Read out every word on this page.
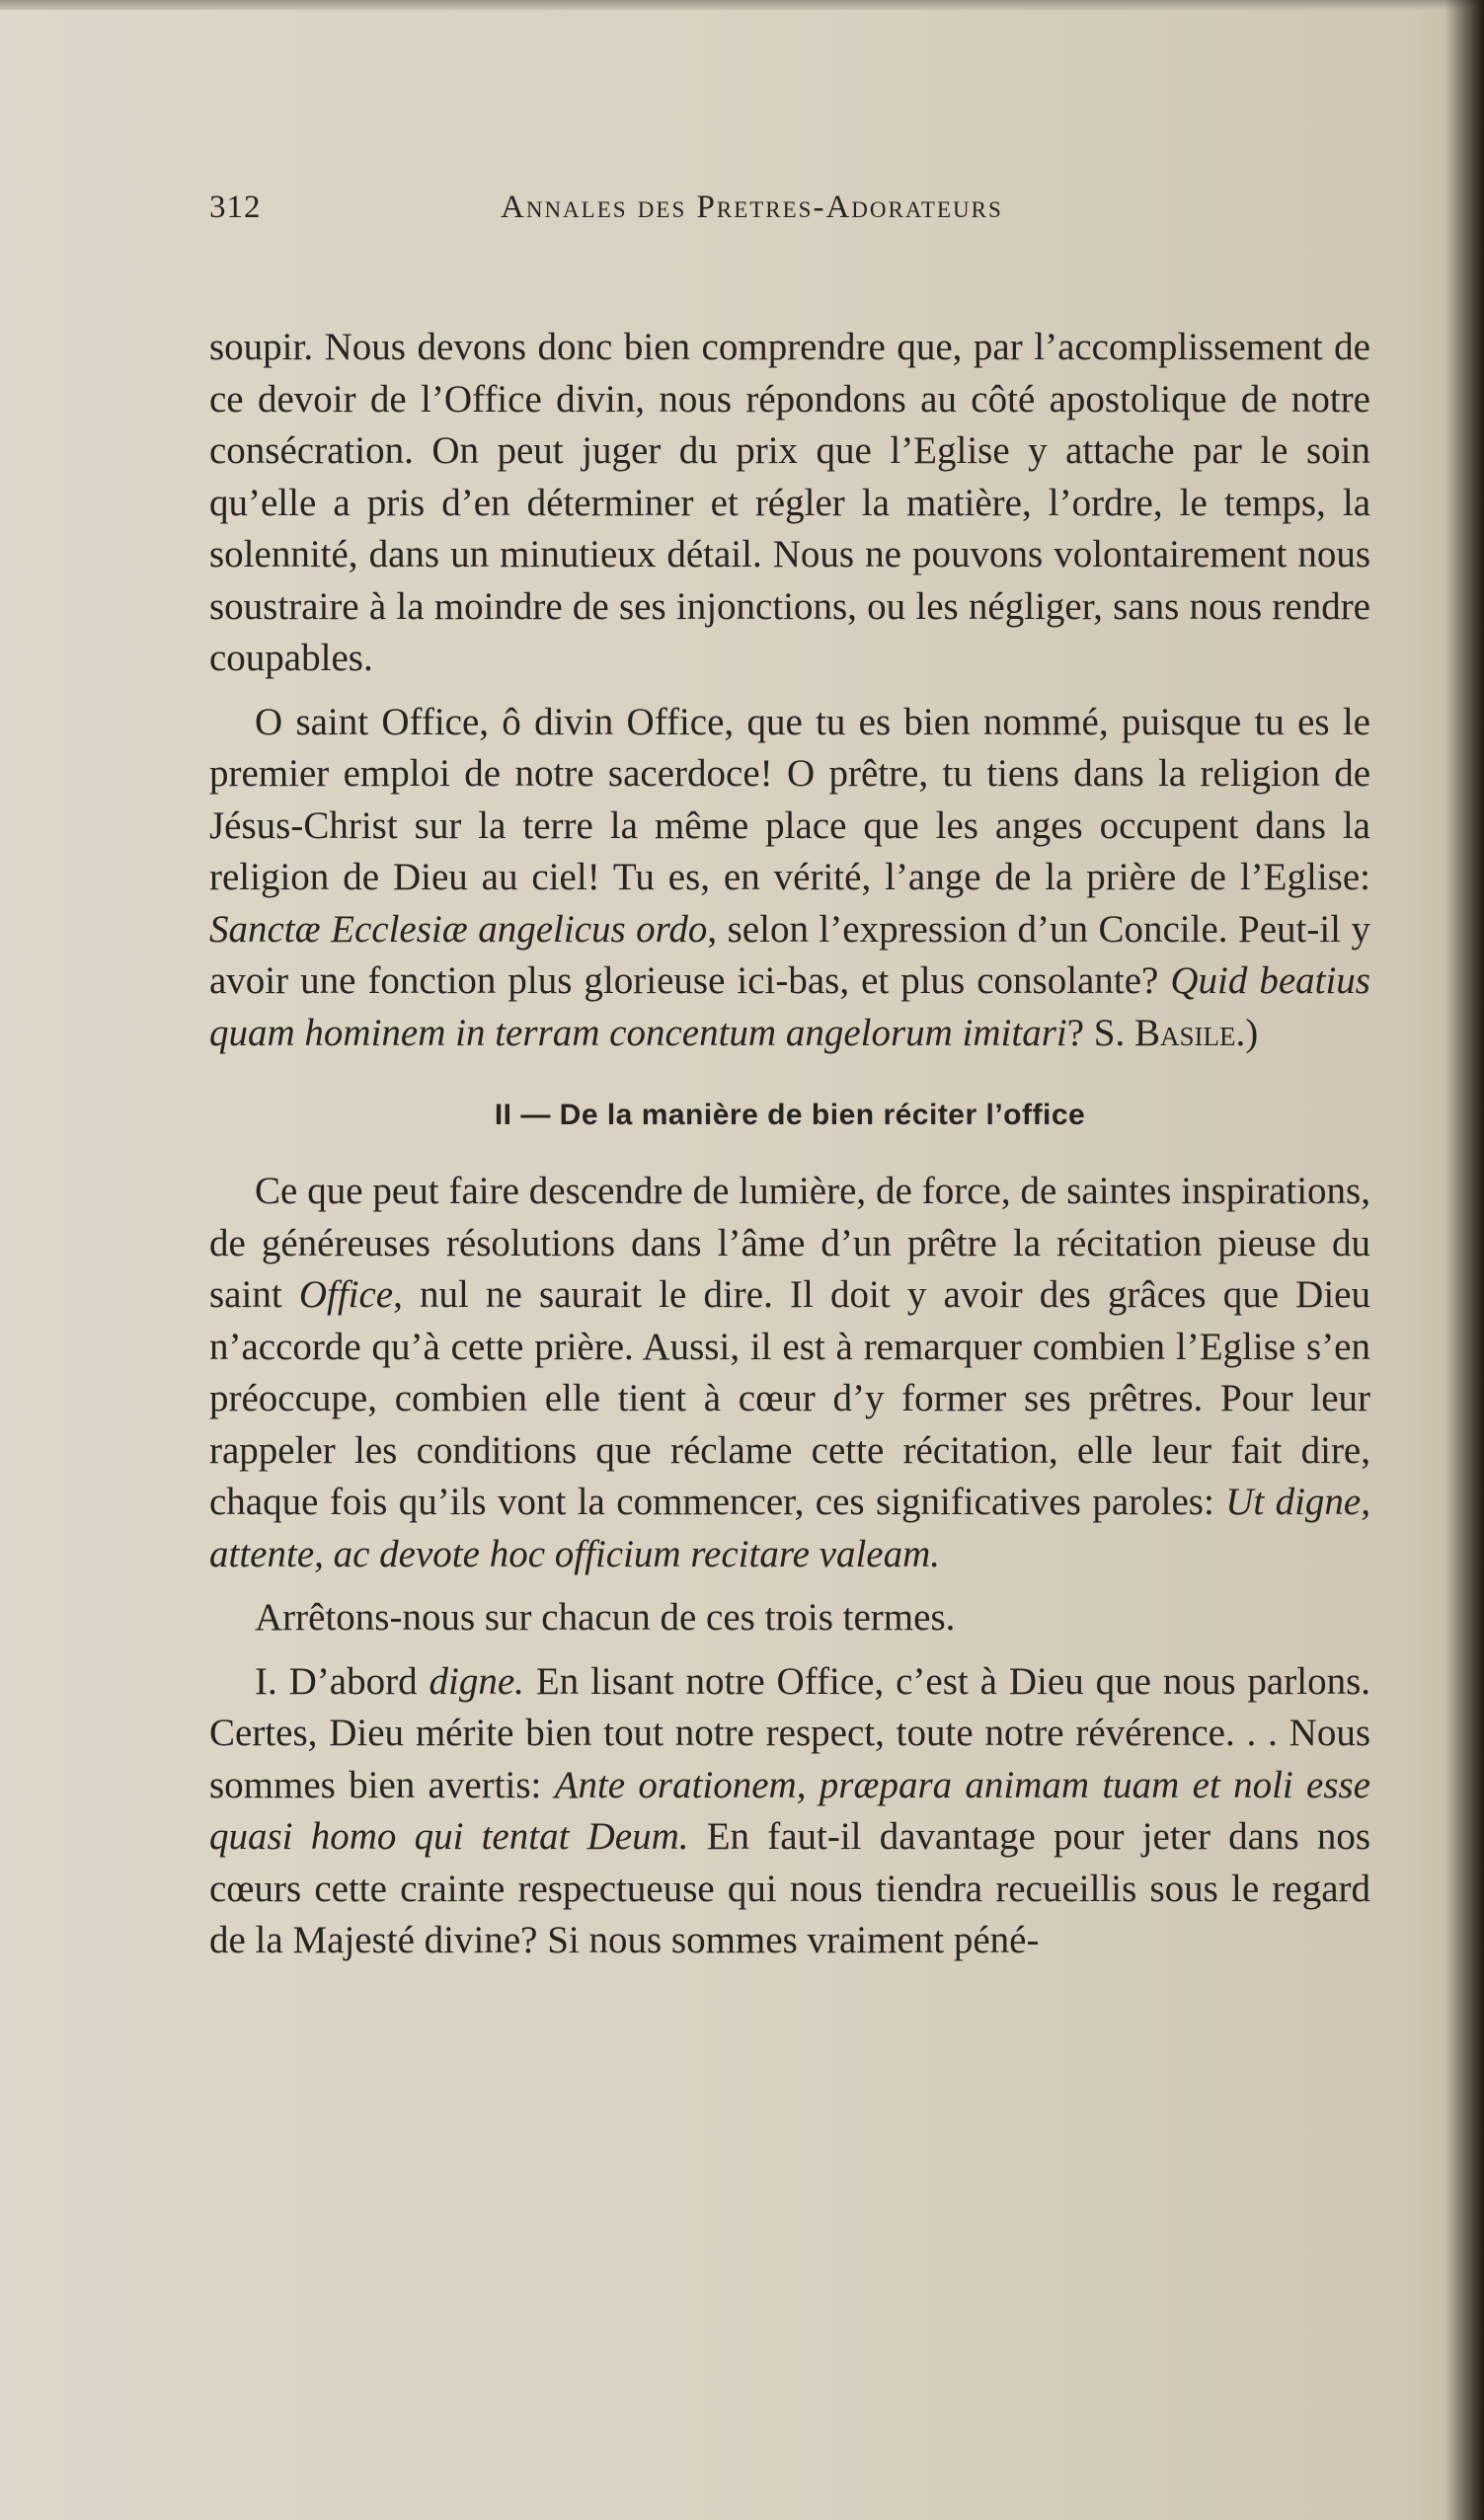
312	Annales des Pretres-Adorateurs

soupir. Nous devons donc bien comprendre que, par l’accomplissement de ce devoir de l’Office divin, nous répondons au côté apostolique de notre consécration. On peut juger du prix que l’Eglise y attache par le soin qu’elle a pris d’en déterminer et régler la matière, l’ordre, le temps, la solennité, dans un minutieux détail. Nous ne pouvons volontairement nous soustraire à la moindre de ses injonctions, ou les négliger, sans nous rendre coupables.

O saint Office, ô divin Office, que tu es bien nommé, puisque tu es le premier emploi de notre sacerdoce! O prêtre, tu tiens dans la religion de Jésus-Christ sur la terre la même place que les anges occupent dans la religion de Dieu au ciel! Tu es, en vérité, l’ange de la prière de l’Eglise: Sanctæ Ecclesiæ angelicus ordo, selon l’expression d’un Concile. Peut-il y avoir une fonction plus glorieuse ici-bas, et plus consolante? Quid beatius quam hominem in terram concentum angelorum imitari? S. Basile.)

II — De la manière de bien réciter l’office

Ce que peut faire descendre de lumière, de force, de saintes inspirations, de généreuses résolutions dans l’âme d’un prêtre la récitation pieuse du saint Office, nul ne saurait le dire. Il doit y avoir des grâces que Dieu n’accorde qu’à cette prière. Aussi, il est à remarquer combien l’Eglise s’en préoccupe, combien elle tient à cœur d’y former ses prêtres. Pour leur rappeler les conditions que réclame cette récitation, elle leur fait dire, chaque fois qu’ils vont la commencer, ces significatives paroles: Ut digne, attente, ac devote hoc officium recitare valeam.

Arrêtons-nous sur chacun de ces trois termes.

I. D’abord digne. En lisant notre Office, c’est à Dieu que nous parlons. Certes, Dieu mérite bien tout notre respect, toute notre révérence. . . Nous sommes bien avertis: Ante orationem, præpara animam tuam et noli esse quasi homo qui tentat Deum. En faut-il davantage pour jeter dans nos cœurs cette crainte respectueuse qui nous tiendra recueillis sous le regard de la Majesté divine? Si nous sommes vraiment péné-
